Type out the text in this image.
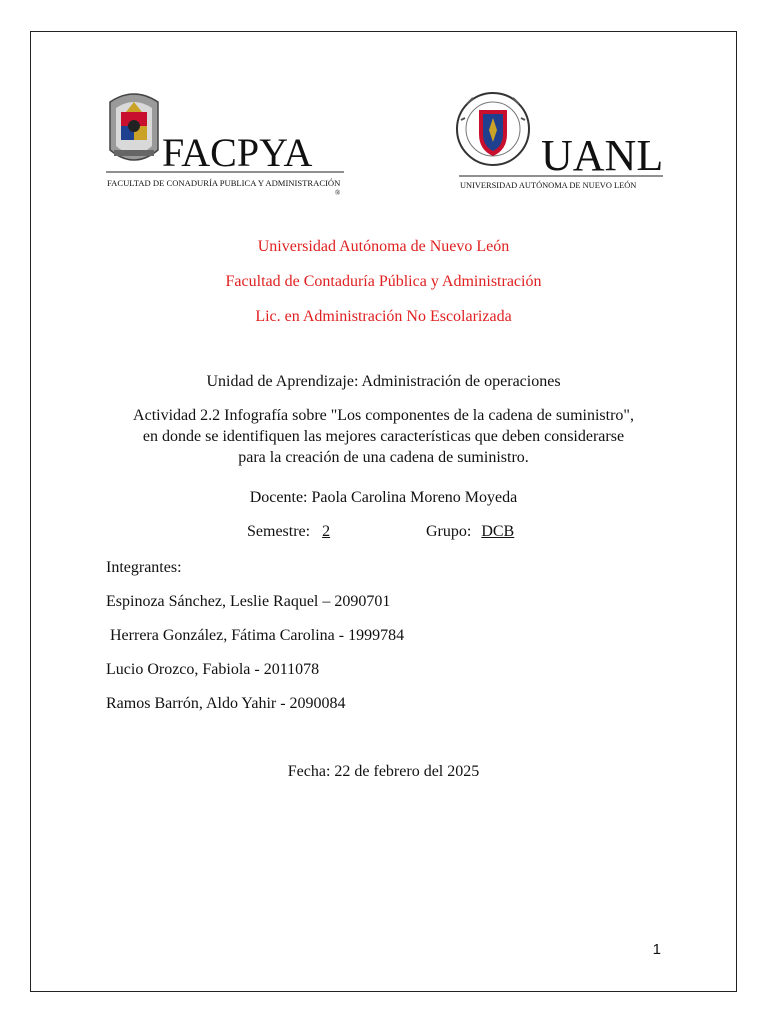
FACPYA
FACULTAD DE CONADURÍA PUBLICA Y ADMINISTRACIÓN
®
UANL
UNIVERSIDAD AUTÓNOMA DE NUEVO LEÓN
Universidad Autónoma de Nuevo León
Facultad de Contaduría Pública y Administración
Lic. en Administración No Escolarizada
Unidad de Aprendizaje: Administración de operaciones
Actividad 2.2 Infografía sobre "Los componentes de la cadena de suministro",
en donde se identifiquen las mejores características que deben considerarse
para la creación de una cadena de suministro.
Docente: Paola Carolina Moreno Moyeda
Semestre: 2	Grupo: DCB
Integrantes:
Espinoza Sánchez, Leslie Raquel – 2090701
Herrera González, Fátima Carolina - 1999784
Lucio Orozco, Fabiola - 2011078
Ramos Barrón, Aldo Yahir - 2090084
Fecha: 22 de febrero del 2025
1
